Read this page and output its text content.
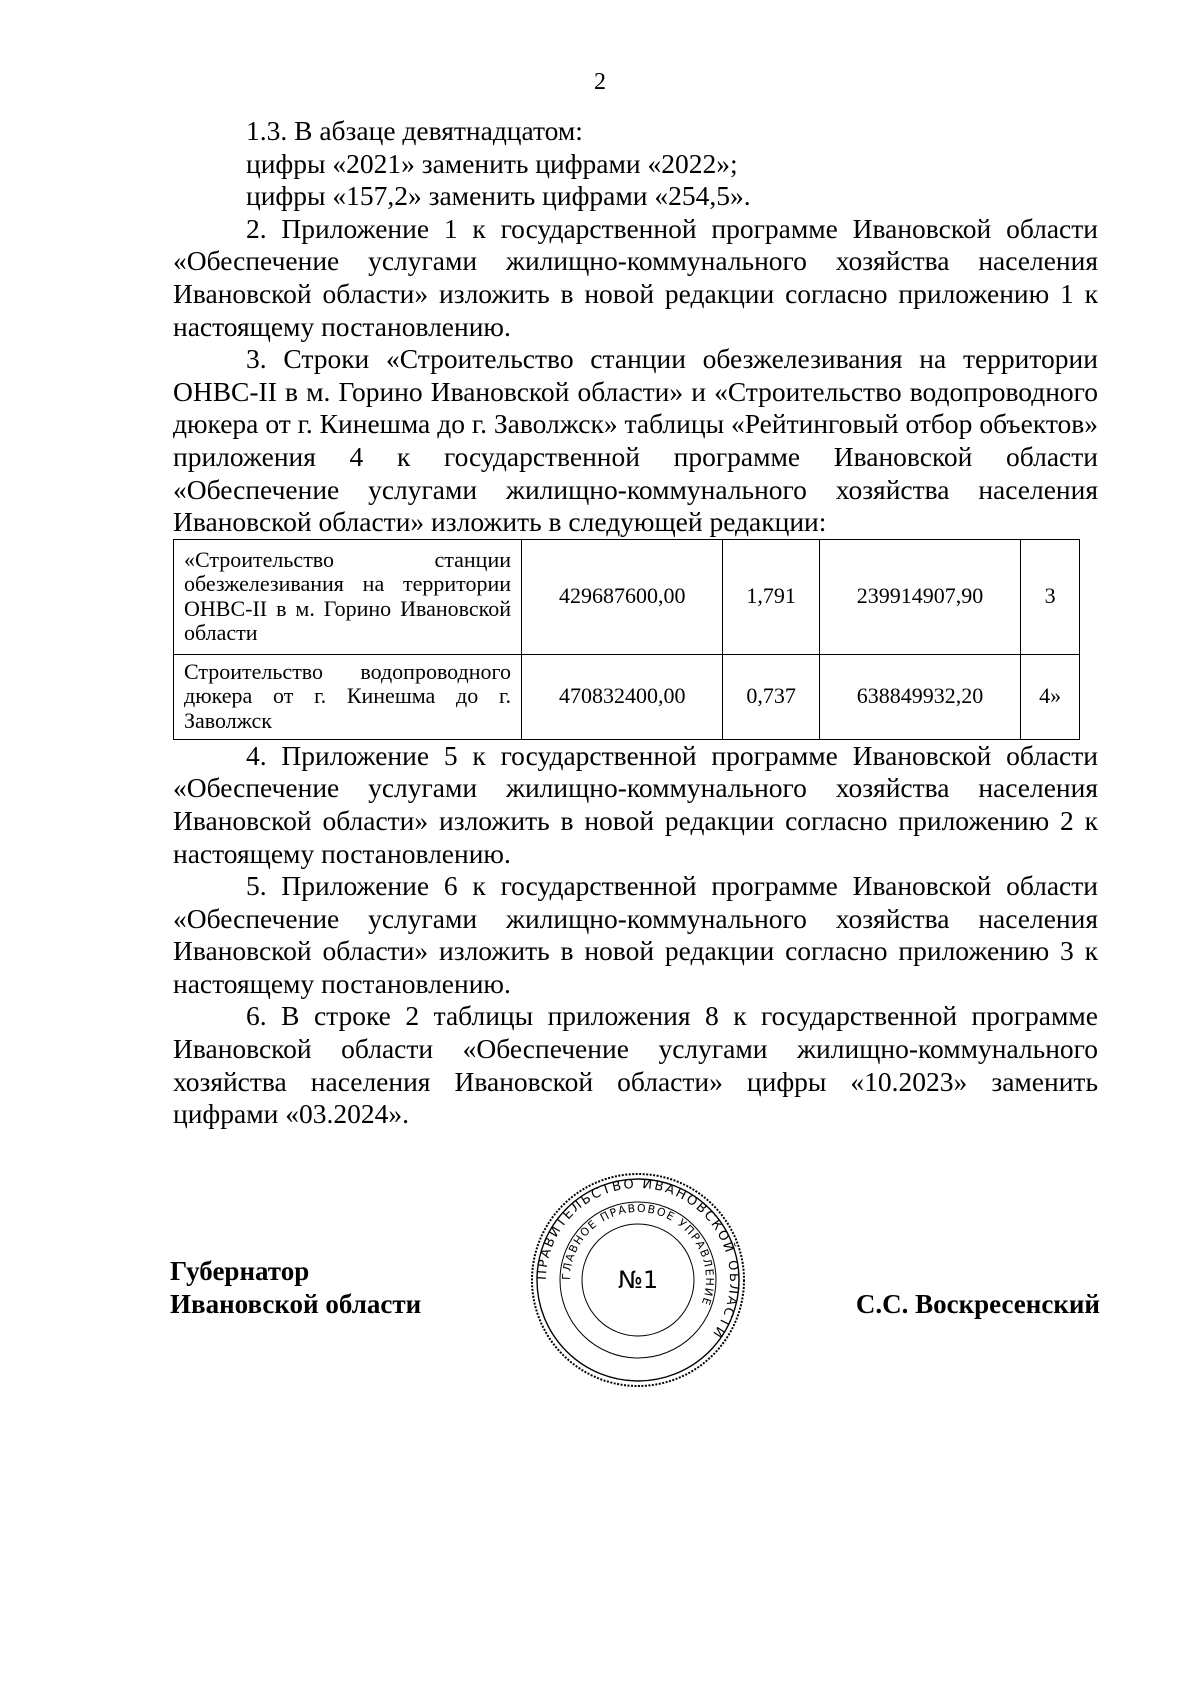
2

1.3. В абзаце девятнадцатом:

цифры «2021» заменить цифрами «2022»;

цифры «157,2» заменить цифрами «254,5».

2. Приложение 1 к государственной программе Ивановской области «Обеспечение услугами жилищно-коммунального хозяйства населения Ивановской области» изложить в новой редакции согласно приложению 1 к настоящему постановлению.

3. Строки «Строительство станции обезжелезивания на территории ОНВС-II в м. Горино Ивановской области» и «Строительство водопроводного дюкера от г. Кинешма до г. Заволжск» таблицы «Рейтинговый отбор объектов» приложения 4 к государственной программе Ивановской области «Обеспечение услугами жилищно-коммунального хозяйства населения Ивановской области» изложить в следующей редакции:

«Строительство станции обезжелезивания на территории ОНВС-II в м. Горино Ивановской области	429687600,00	1,791	239914907,90	3
Строительство водопроводного дюкера от г. Кинешма до г. Заволжск	470832400,00	0,737	638849932,20	4»

4. Приложение 5 к государственной программе Ивановской области «Обеспечение услугами жилищно-коммунального хозяйства населения Ивановской области» изложить в новой редакции согласно приложению 2 к настоящему постановлению.

5. Приложение 6 к государственной программе Ивановской области «Обеспечение услугами жилищно-коммунального хозяйства населения Ивановской области» изложить в новой редакции согласно приложению 3 к настоящему постановлению.

6. В строке 2 таблицы приложения 8 к государственной программе Ивановской области «Обеспечение услугами жилищно-коммунального хозяйства населения Ивановской области» цифры «10.2023» заменить цифрами «03.2024».

Губернатор
Ивановской области	С.С. Воскресенский
ПРАВИТЕЛЬСТВО ИВАНОВСКОЙ ОБЛАСТИ
ГЛАВНОЕ ПРАВОВОЕ УПРАВЛЕНИЕ
№1
